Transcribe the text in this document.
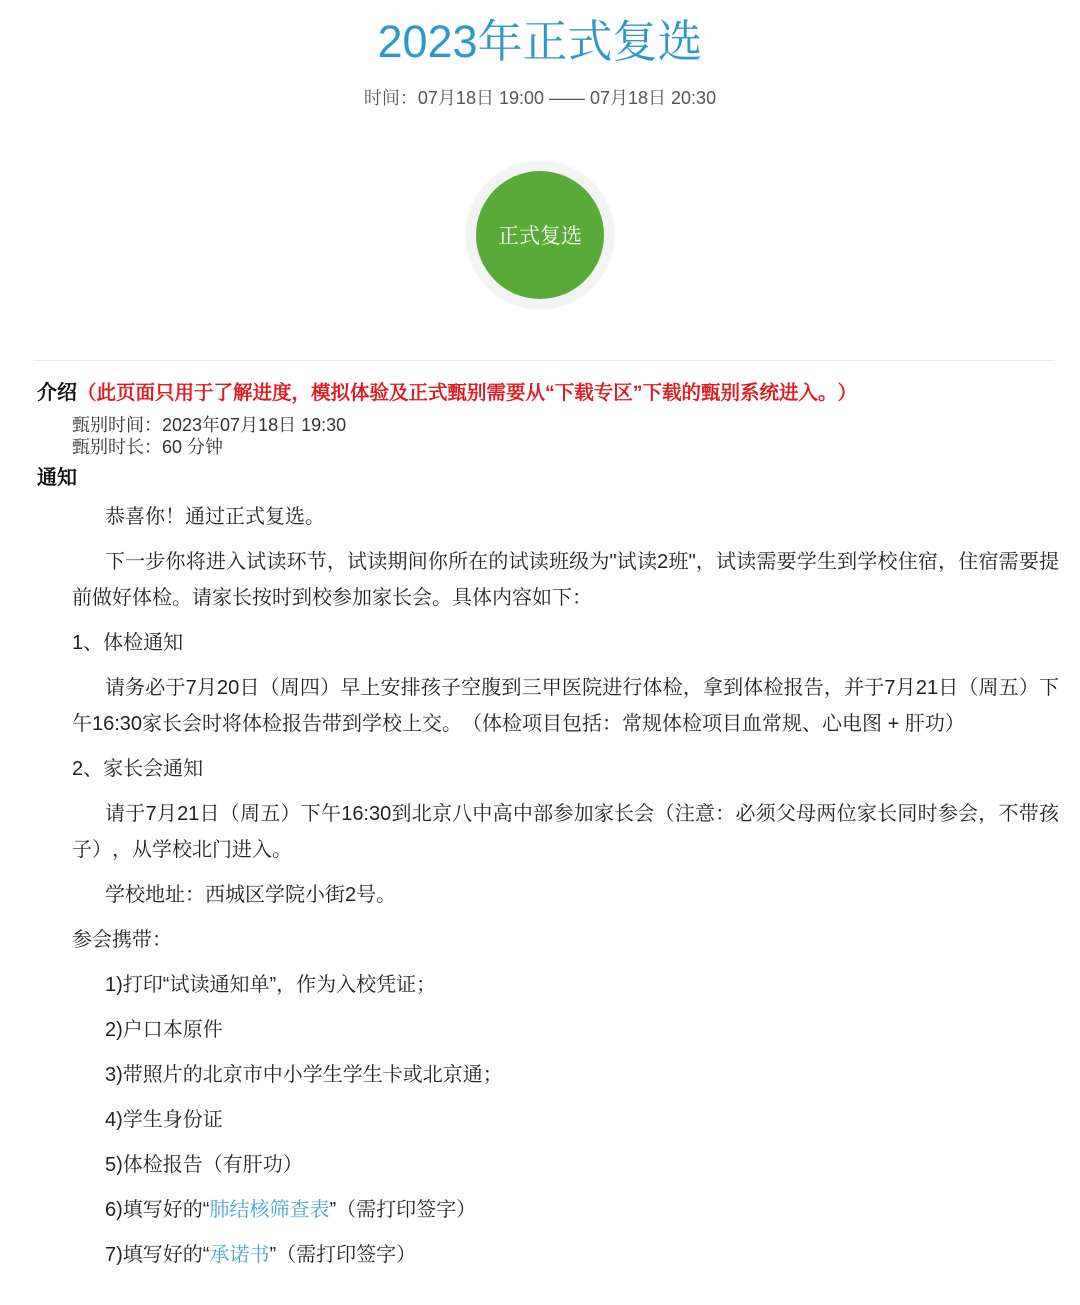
2023年正式复选
时间：07月18日 19:00 —— 07月18日 20:30
正式复选
介绍（此页面只用于了解进度，模拟体验及正式甄别需要从“下载专区”下载的甄别系统进入。）
甄别时间：2023年07月18日 19:30
甄别时长：60 分钟
通知

恭喜你！通过正式复选。

下一步你将进入试读环节，试读期间你所在的试读班级为"试读2班"，试读需要学生到学校住宿，住宿需要提前做好体检。请家长按时到校参加家长会。具体内容如下：

1、体检通知

请务必于7月20日（周四）早上安排孩子空腹到三甲医院进行体检，拿到体检报告，并于7月21日（周五）下午16:30家长会时将体检报告带到学校上交。（体检项目包括：常规体检项目血常规、心电图 + 肝功）

2、家长会通知

请于7月21日（周五）下午16:30到北京八中高中部参加家长会（注意：必须父母两位家长同时参会，不带孩子），从学校北门进入。

学校地址：西城区学院小街2号。

参会携带：

1)打印“试读通知单”，作为入校凭证；

2)户口本原件

3)带照片的北京市中小学生学生卡或北京通；

4)学生身份证

5)体检报告（有肝功）

6)填写好的“肺结核筛查表”（需打印签字）

7)填写好的“承诺书”（需打印签字）
